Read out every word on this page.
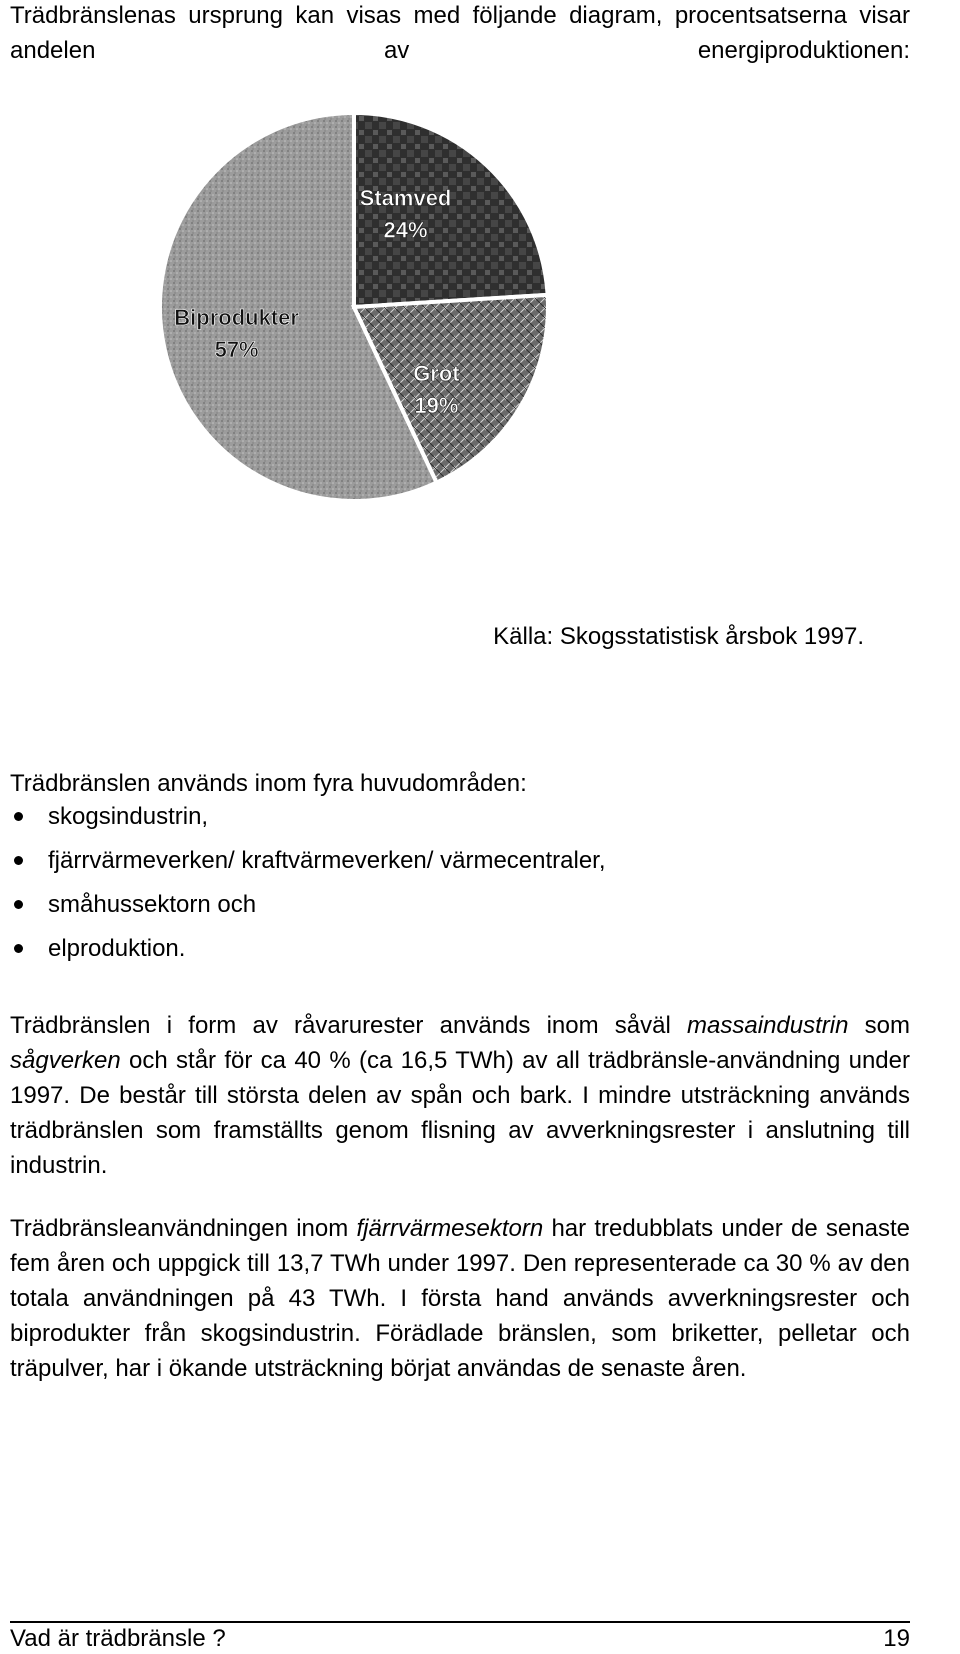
Trädbränslenas ursprung kan visas med följande diagram, procentsatserna visar andelen av energiproduktionen:

Biprodukter
57%
Stamved
24%
Grot
19%
Källa: Skogsstatistisk årsbok 1997.

Trädbränslen används inom fyra huvudområden:

skogsindustrin,
fjärrvärmeverken/ kraftvärmeverken/ värmecentraler,
småhussektorn och
elproduktion.

Trädbränslen i form av råvarurester används inom såväl massaindustrin som sågverken och står för ca 40 % (ca 16,5 TWh) av all trädbränsle-användning under 1997. De består till största delen av spån och bark. I mindre utsträckning används trädbränslen som framställts genom flisning av avverkningsrester i anslutning till industrin.

Trädbränsleanvändningen inom fjärrvärmesektorn har tredubblats under de senaste fem åren och uppgick till 13,7 TWh under 1997. Den representerade ca 30 % av den totala användningen på 43 TWh. I första hand används avverkningsrester och biprodukter från skogsindustrin. Förädlade bränslen, som briketter, pelletar och träpulver, har i ökande utsträckning börjat användas de senaste åren.

Vad är trädbränsle ?	19
